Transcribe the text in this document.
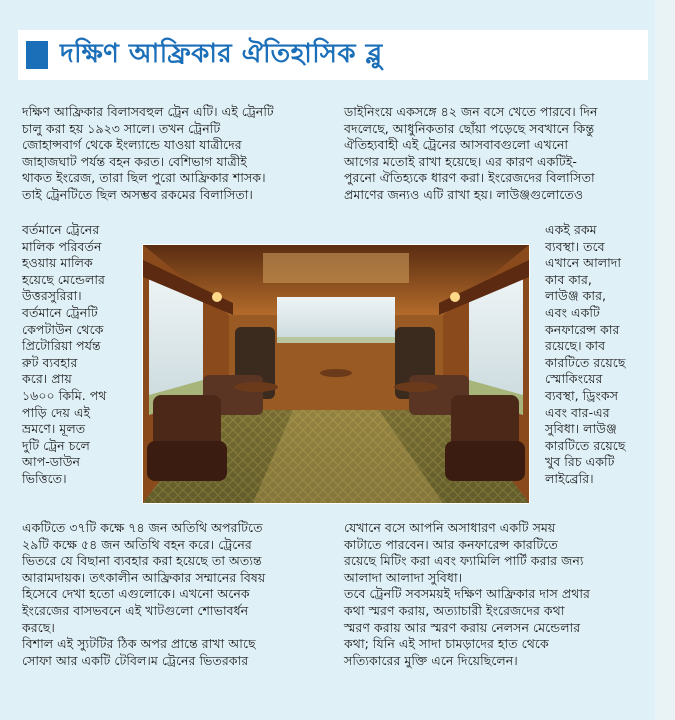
দক্ষিণ আফ্রিকার ঐতিহাসিক ব্লু
দক্ষিণ আফ্রিকার বিলাসবহুল ট্রেন এটি। এই ট্রেনটি
চালু করা হয় ১৯২৩ সালে। তখন ট্রেনটি
জোহান্সবার্গ থেকে ইংল্যান্ডে যাওয়া যাত্রীদের
জাহাজঘাট পর্যন্ত বহন করত। বেশিভাগ যাত্রীই
থাকত ইংরেজ, তারা ছিল পুরো আফ্রিকার শাসক।
তাই ট্রেনটিতে ছিল অসম্ভব রকমের বিলাসিতা।
বর্তমানে ট্রেনের
মালিক পরিবর্তন
হওয়ায় মালিক
হয়েছে মেন্ডেলার
উত্তরসুরিরা।
বর্তমানে ট্রেনটি
কেপটাউন থেকে
প্রিটোরিয়া পর্যন্ত
রুট ব্যবহার
করে। প্রায়
১৬০০ কিমি. পথ
পাড়ি দেয় এই
ভ্রমণে। মূলত
দুটি ট্রেন চলে
আপ-ডাউন
ভিত্তিতে।
একটিতে ৩৭টি কক্ষে ৭৪ জন অতিথি অপরটিতে
২৯টি কক্ষে ৫৪ জন অতিথি বহন করে। ট্রেনের
ভিতরে যে বিছানা ব্যবহার করা হয়েছে তা অত্যন্ত
আরামদায়ক। তৎকালীন আফ্রিকার সম্মানের বিষয়
হিসেবে দেখা হতো এগুলোকে। এখনো অনেক
ইংরেজের বাসভবনে এই খাটগুলো শোভাবর্ধন
করছে।
বিশাল এই স্যুটটির ঠিক অপর প্রান্তে রাখা আছে
সোফা আর একটি টেবিল।ম ট্রেনের ভিতরকার
ডাইনিংয়ে একসঙ্গে ৪২ জন বসে খেতে পারবে। দিন
বদলেছে, আধুনিকতার ছোঁয়া পড়েছে সবখানে কিন্তু
ঐতিহ্যবাহী এই ট্রেনের আসবাবগুলো এখনো
আগের মতোই রাখা হয়েছে। এর কারণ একটিই-
পুরনো ঐতিহ্যকে ধারণ করা। ইংরেজদের বিলাসিতা
প্রমাণের জন্যও এটি রাখা হয়। লাউঞ্জগুলোতেও
একই রকম
ব্যবস্থা। তবে
এখানে আলাদা
কাব কার,
লাউঞ্জ কার,
এবং একটি
কনফারেন্স কার
রয়েছে। কাব
কারটিতে রয়েছে
স্মোকিংয়ের
ব্যবস্থা, ড্রিংকস
এবং বার-এর
সুবিধা। লাউঞ্জ
কারটিতে রয়েছে
খুব রিচ একটি
লাইব্রেরি।
যেখানে বসে আপনি অসাধারণ একটি সময়
কাটাতে পারবেন। আর কনফারেন্স কারটিতে
রয়েছে মিটিং করা এবং ফ্যামিলি পার্টি করার জন্য
আলাদা আলাদা সুবিধা।
তবে ট্রেনটি সবসময়ই দক্ষিণ আফ্রিকার দাস প্রথার
কথা স্মরণ করায়, অত্যাচারী ইংরেজদের কথা
স্মরণ করায় আর স্মরণ করায় নেলসন মেন্ডেলার
কথা; যিনি এই সাদা চামড়াদের হাত থেকে
সত্যিকারের মুক্তি এনে দিয়েছিলেন।
